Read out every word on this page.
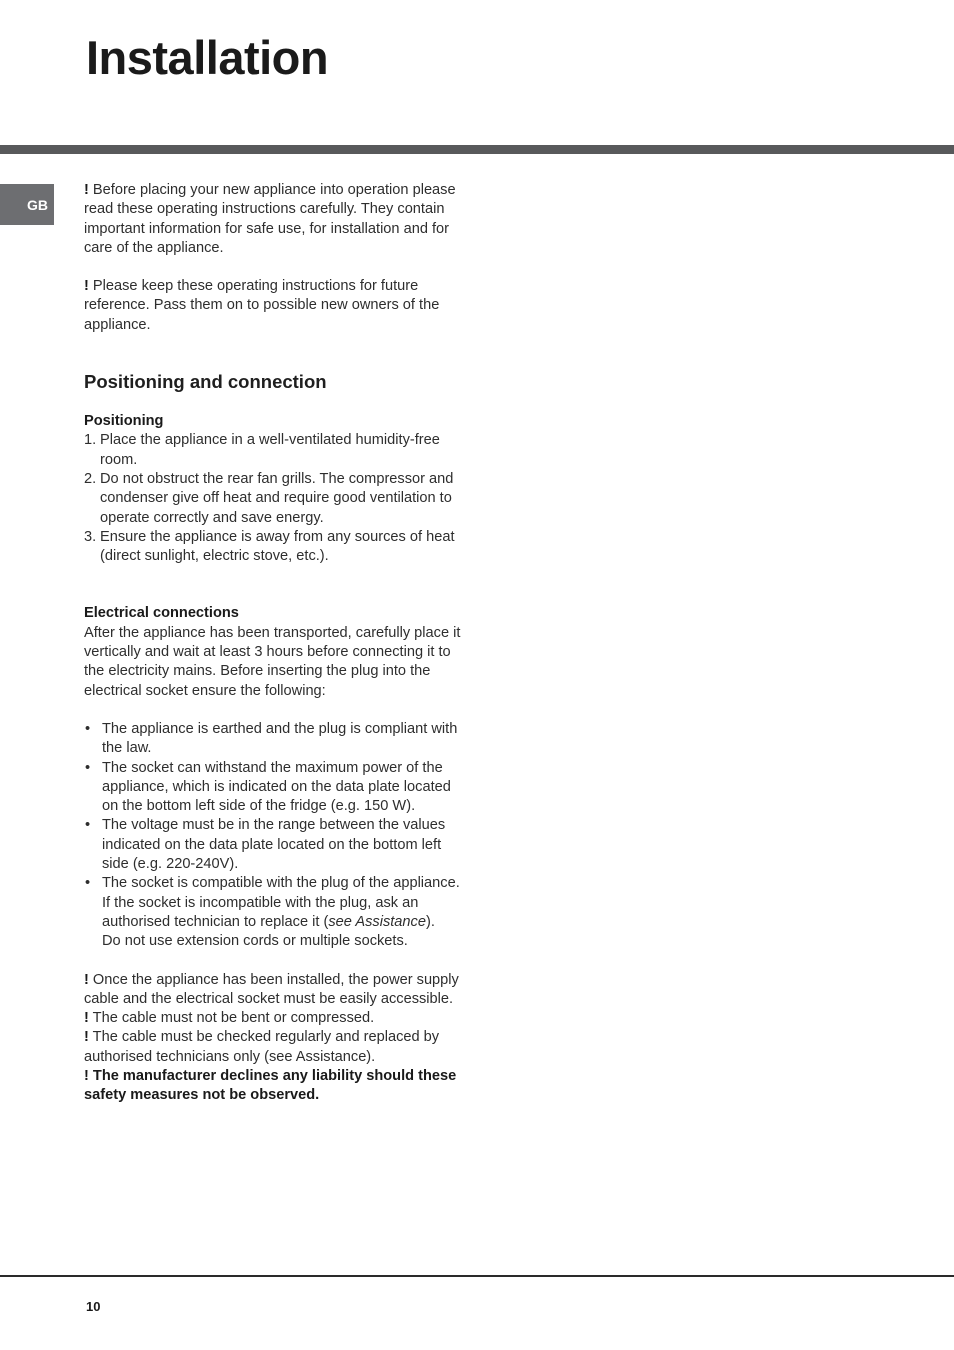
Installation
GB

! Before placing your new appliance into operation please read these operating instructions carefully. They contain important information for safe use, for installation and for care of the appliance.

! Please keep these operating instructions for future reference. Pass them on to possible new owners of the appliance.

Positioning and connection
Positioning
1. Place the appliance in a well-ventilated humidity-free room.
2. Do not obstruct the rear fan grills. The compressor and condenser give off heat and require good ventilation to operate correctly and save energy.
3. Ensure the appliance is away from any sources of heat (direct sunlight, electric stove, etc.).
Electrical connections

After the appliance has been transported, carefully place it vertically and wait at least 3 hours before connecting it to the electricity mains. Before inserting the plug into the electrical socket ensure the following:

• The appliance is earthed and the plug is compliant with the law.
• The socket can withstand the maximum power of the appliance, which is indicated on the data plate located on the bottom left side of the fridge (e.g. 150 W).
• The voltage must be in the range between the values indicated on the data plate located on the bottom left side (e.g. 220-240V).
• The socket is compatible with the plug of the appliance.
If the socket is incompatible with the plug, ask an authorised technician to replace it (see Assistance).
Do not use extension cords or multiple sockets.

! Once the appliance has been installed, the power supply cable and the electrical socket must be easily accessible.

! The cable must not be bent or compressed.

! The cable must be checked regularly and replaced by authorised technicians only (see Assistance).

! The manufacturer declines any liability should these safety measures not be observed.

10
